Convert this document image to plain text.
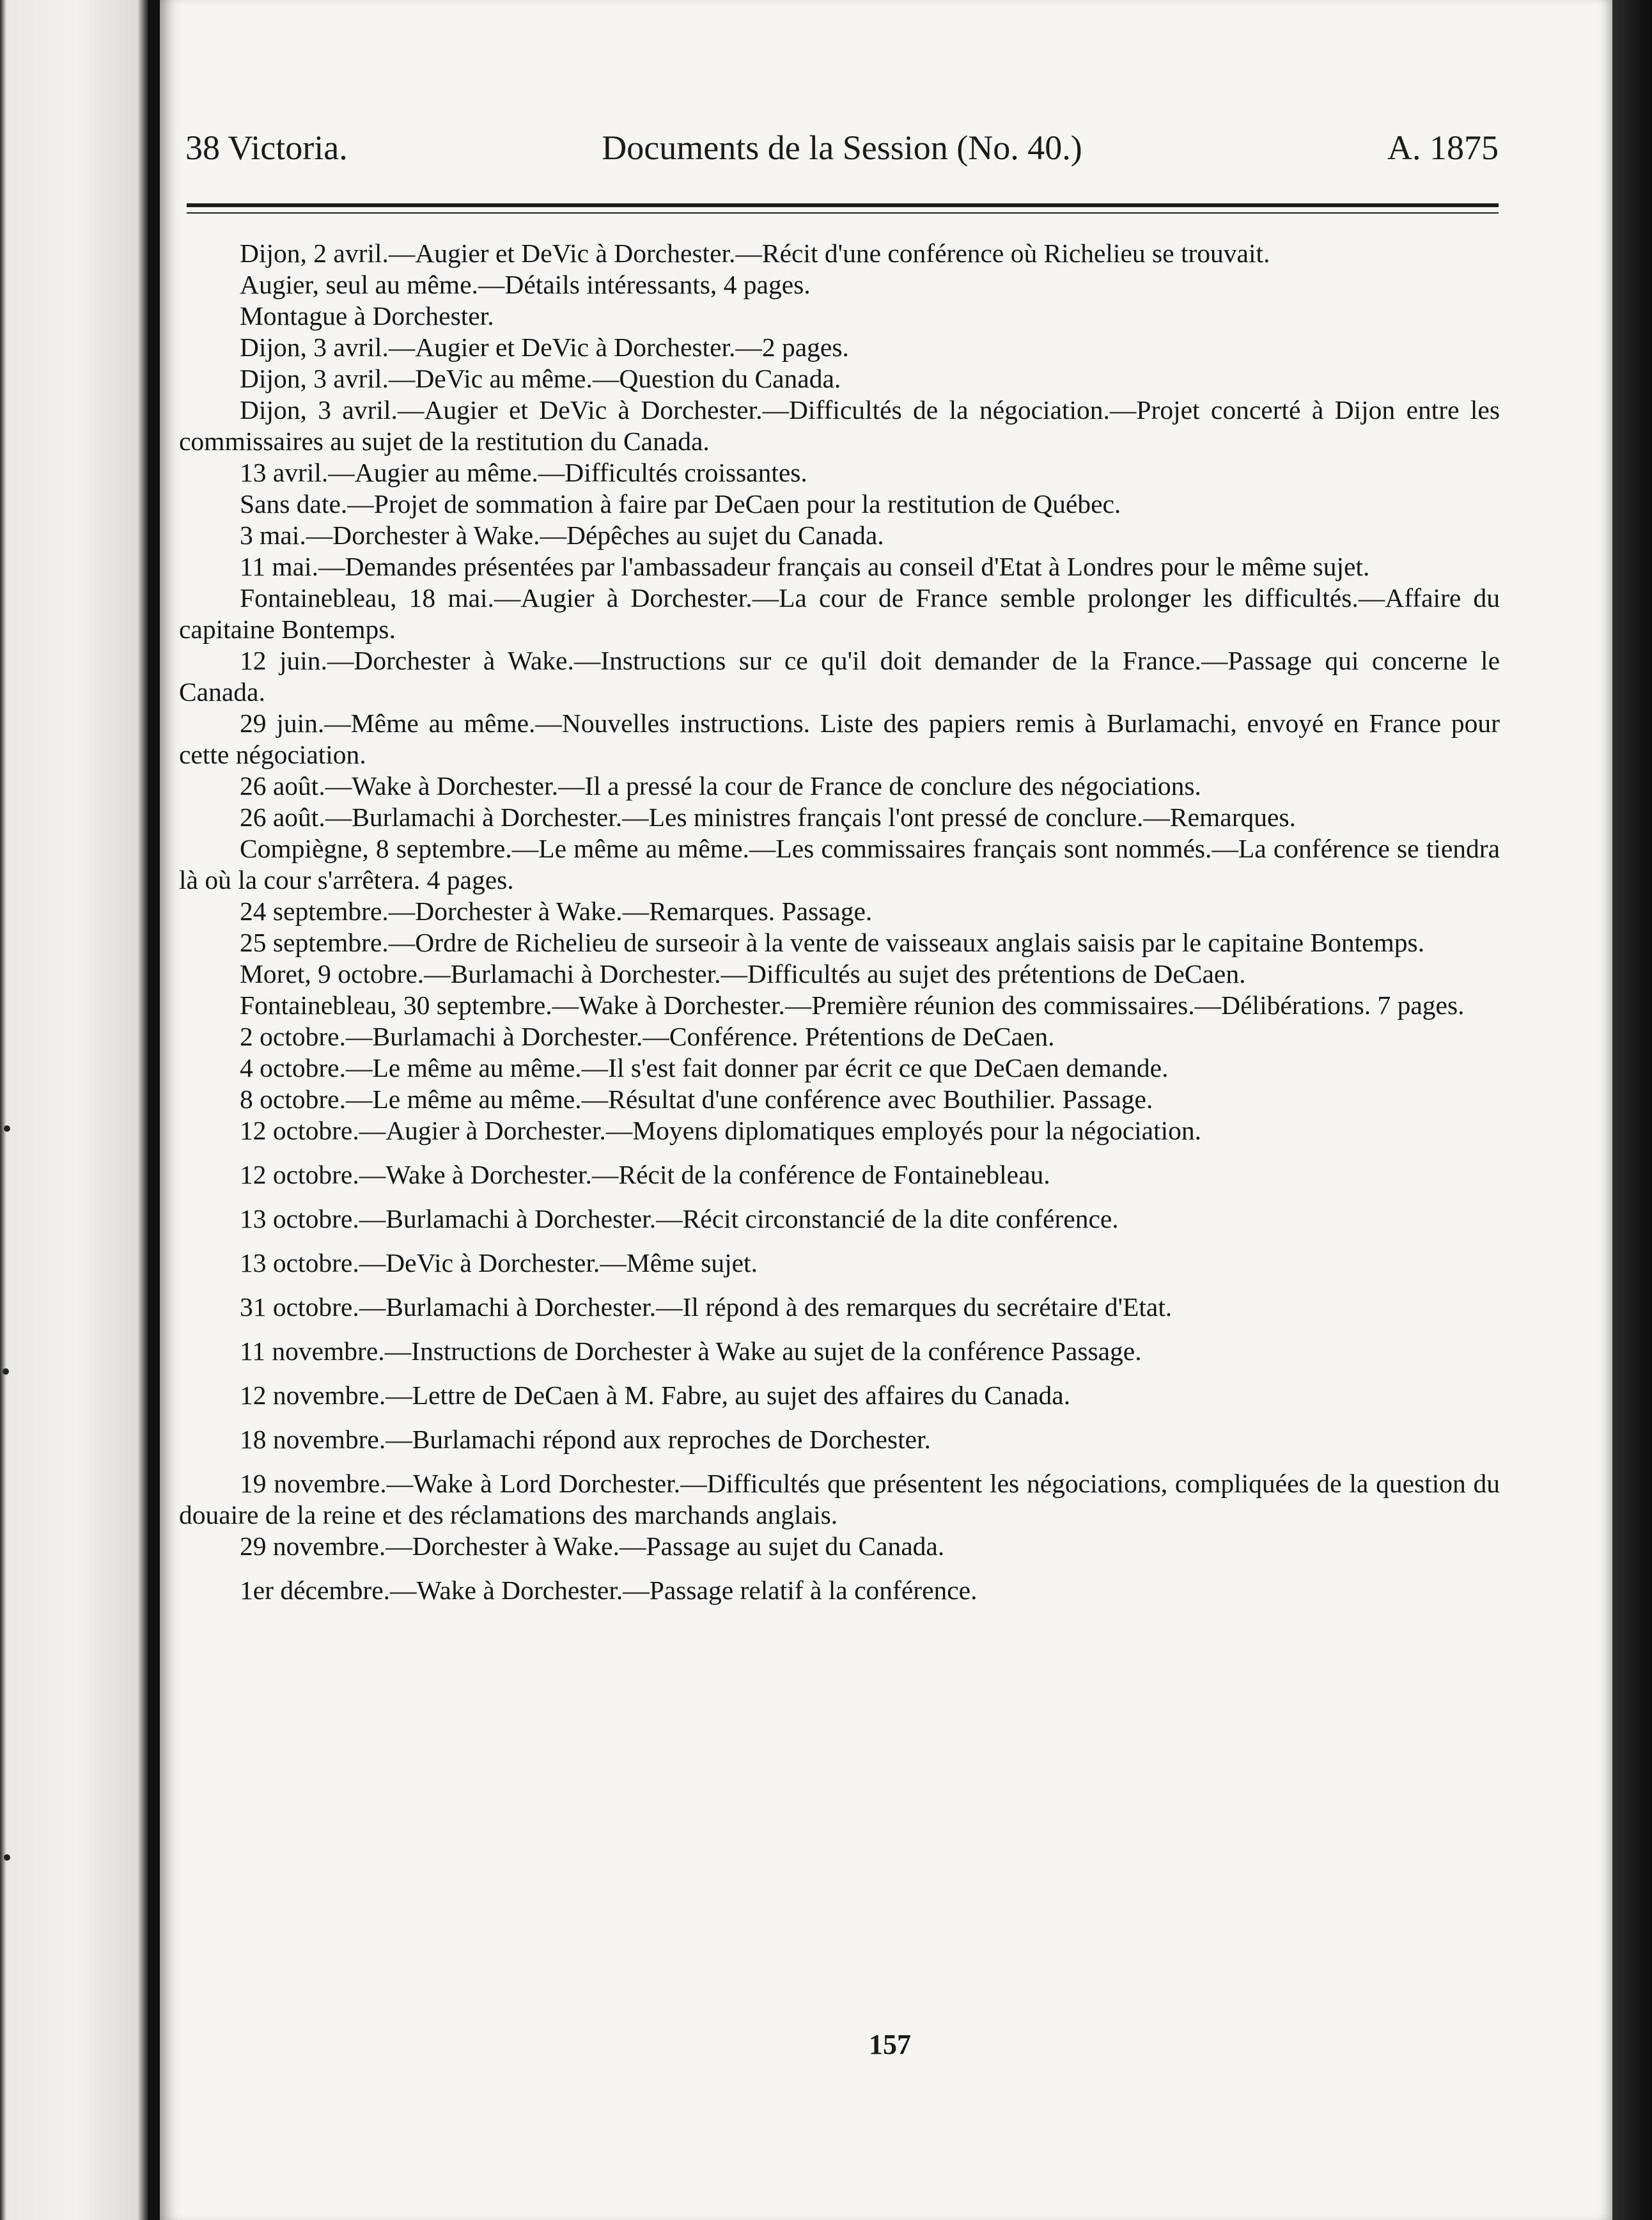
38 Victoria.	Documents de la Session (No. 40.)	A. 1875

Dijon, 2 avril.—Augier et DeVic à Dorchester.—Récit d'une conférence où Richelieu se trouvait.

Augier, seul au même.—Détails intéressants, 4 pages.

Montague à Dorchester.

Dijon, 3 avril.—Augier et DeVic à Dorchester.—2 pages.

Dijon, 3 avril.—DeVic au même.—Question du Canada.

Dijon, 3 avril.—Augier et DeVic à Dorchester.—Difficultés de la négociation.—Projet concerté à Dijon entre les commissaires au sujet de la restitution du Canada.

13 avril.—Augier au même.—Difficultés croissantes.

Sans date.—Projet de sommation à faire par DeCaen pour la restitution de Québec.

3 mai.—Dorchester à Wake.—Dépêches au sujet du Canada.

11 mai.—Demandes présentées par l'ambassadeur français au conseil d'Etat à Londres pour le même sujet.

Fontainebleau, 18 mai.—Augier à Dorchester.—La cour de France semble prolonger les difficultés.—Affaire du capitaine Bontemps.

12 juin.—Dorchester à Wake.—Instructions sur ce qu'il doit demander de la France.—Passage qui concerne le Canada.

29 juin.—Même au même.—Nouvelles instructions. Liste des papiers remis à Burlamachi, envoyé en France pour cette négociation.

26 août.—Wake à Dorchester.—Il a pressé la cour de France de conclure des négociations.

26 août.—Burlamachi à Dorchester.—Les ministres français l'ont pressé de conclure.—Remarques.

Compiègne, 8 septembre.—Le même au même.—Les commissaires français sont nommés.—La conférence se tiendra là où la cour s'arrêtera. 4 pages.

24 septembre.—Dorchester à Wake.—Remarques. Passage.

25 septembre.—Ordre de Richelieu de surseoir à la vente de vaisseaux anglais saisis par le capitaine Bontemps.

Moret, 9 octobre.—Burlamachi à Dorchester.—Difficultés au sujet des prétentions de DeCaen.

Fontainebleau, 30 septembre.—Wake à Dorchester.—Première réunion des commissaires.—Délibérations. 7 pages.

2 octobre.—Burlamachi à Dorchester.—Conférence. Prétentions de DeCaen.

4 octobre.—Le même au même.—Il s'est fait donner par écrit ce que DeCaen demande.

8 octobre.—Le même au même.—Résultat d'une conférence avec Bouthilier. Passage.

12 octobre.—Augier à Dorchester.—Moyens diplomatiques employés pour la négociation.

12 octobre.—Wake à Dorchester.—Récit de la conférence de Fontainebleau.

13 octobre.—Burlamachi à Dorchester.—Récit circonstancié de la dite conférence.

13 octobre.—DeVic à Dorchester.—Même sujet.

31 octobre.—Burlamachi à Dorchester.—Il répond à des remarques du secrétaire d'Etat.

11 novembre.—Instructions de Dorchester à Wake au sujet de la conférence Passage.

12 novembre.—Lettre de DeCaen à M. Fabre, au sujet des affaires du Canada.

18 novembre.—Burlamachi répond aux reproches de Dorchester.

19 novembre.—Wake à Lord Dorchester.—Difficultés que présentent les négociations, compliquées de la question du douaire de la reine et des réclamations des marchands anglais.

29 novembre.—Dorchester à Wake.—Passage au sujet du Canada.

1er décembre.—Wake à Dorchester.—Passage relatif à la conférence.

157
